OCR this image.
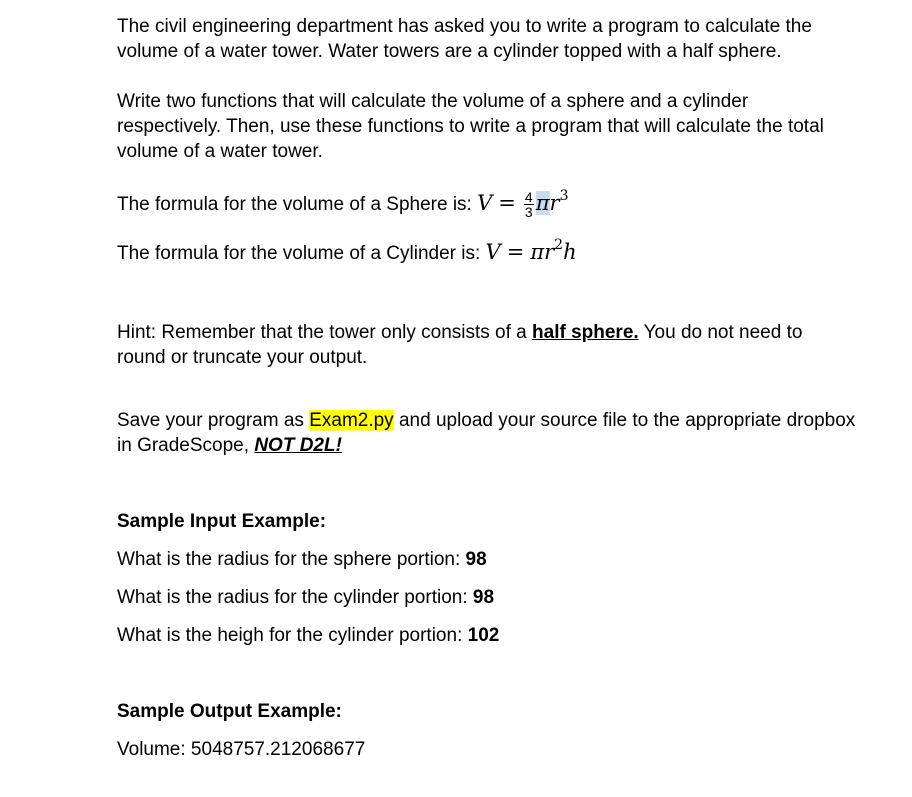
The civil engineering department has asked you to write a program to calculate the

volume of a water tower. Water towers are a cylinder topped with a half sphere.

Write two functions that will calculate the volume of a sphere and a cylinder

respectively. Then, use these functions to write a program that will calculate the total

volume of a water tower.

The formula for the volume of a Sphere is: $V = \frac{4}{3} \pi r^3$
The formula for the volume of a Cylinder is: $V = \pi r^2h$

Hint: Remember that the tower only consists of a half sphere. You do not need to

round or truncate your output.

Save your program as Exam2.py and upload your source file to the appropriate dropbox

in GradeScope, NOT D2L!

Sample Input Example:

What is the radius for the sphere portion: 98

What is the radius for the cylinder portion: 98

What is the heigh for the cylinder portion: 102

Sample Output Example:

Volume: 5048757.212068677
